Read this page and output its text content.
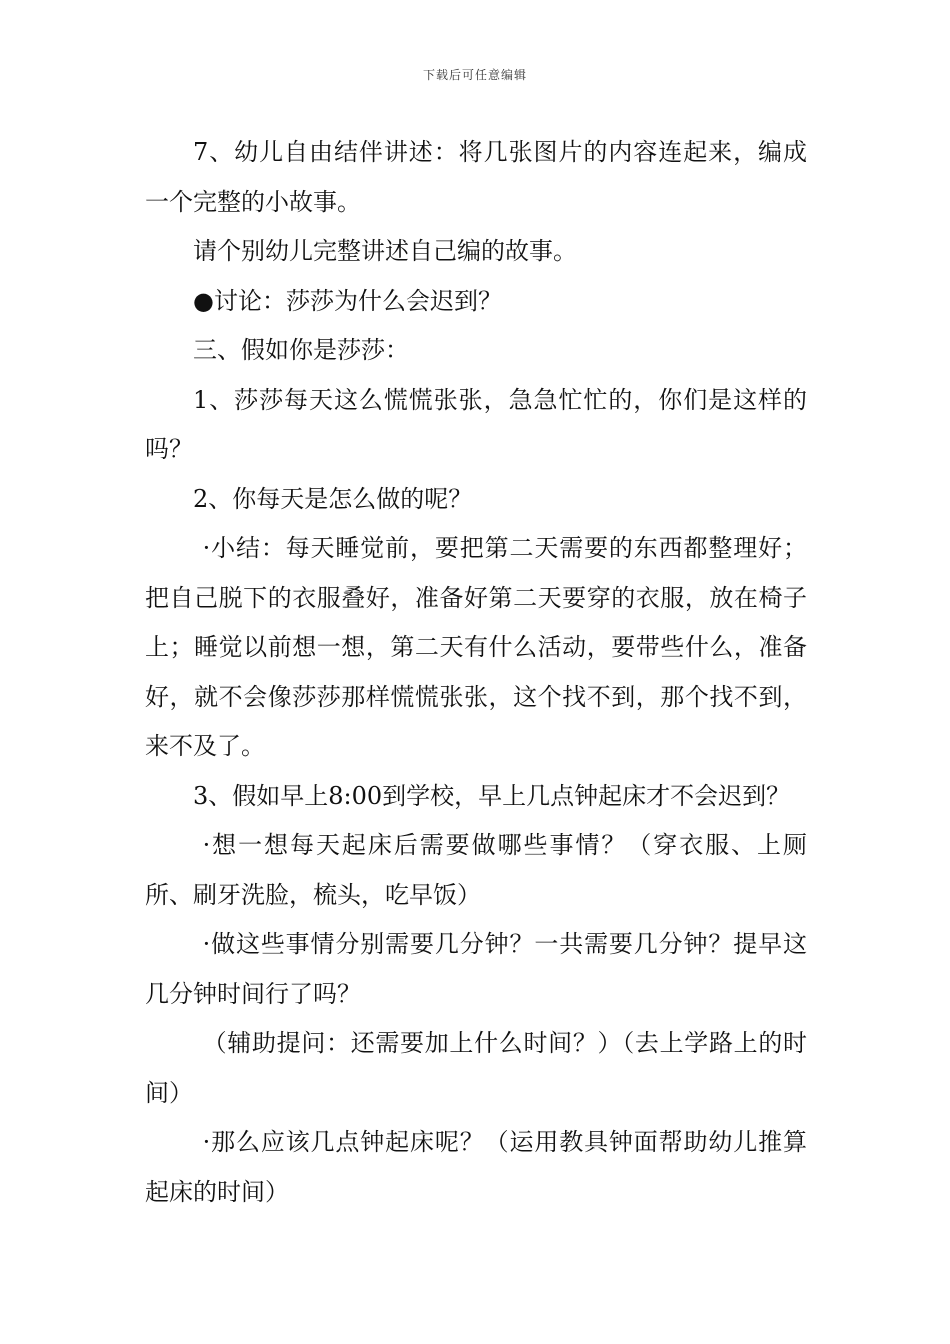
下载后可任意编辑

7、幼儿自由结伴讲述：将几张图片的内容连起来，编成一个完整的小故事。

请个别幼儿完整讲述自己编的故事。

●讨论：莎莎为什么会迟到？

三、假如你是莎莎：

1、莎莎每天这么慌慌张张，急急忙忙的，你们是这样的吗？

2、你每天是怎么做的呢？

·小结：每天睡觉前，要把第二天需要的东西都整理好；把自己脱下的衣服叠好，准备好第二天要穿的衣服，放在椅子上；睡觉以前想一想，第二天有什么活动，要带些什么，准备好，就不会像莎莎那样慌慌张张，这个找不到，那个找不到，来不及了。

3、假如早上8:00到学校，早上几点钟起床才不会迟到？

·想一想每天起床后需要做哪些事情？（穿衣服、上厕所、刷牙洗脸，梳头，吃早饭）

·做这些事情分别需要几分钟？一共需要几分钟？提早这几分钟时间行了吗？

（辅助提问：还需要加上什么时间？）（去上学路上的时间）

·那么应该几点钟起床呢？（运用教具钟面帮助幼儿推算起床的时间）
